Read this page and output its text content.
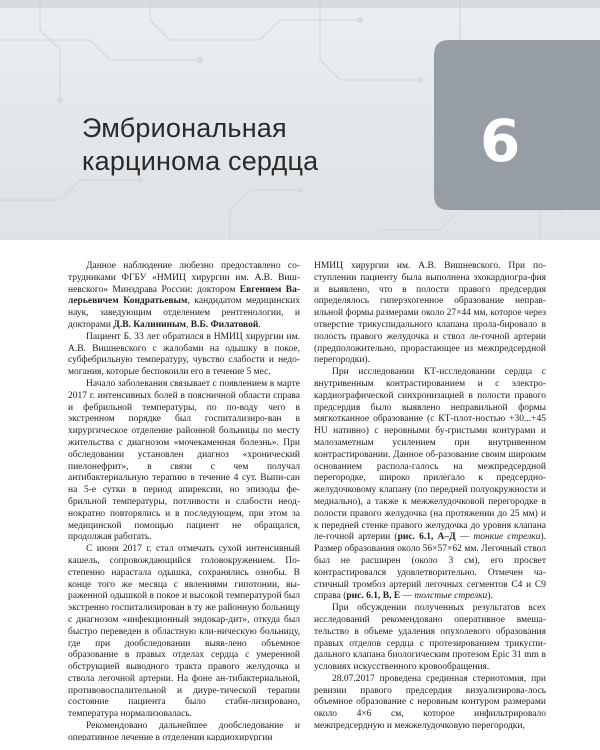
Эмбриональная
карцинома сердца	6

Данное наблюдение любезно предоставлено со-трудниками ФГБУ «НМИЦ хирургии им. А.В. Виш-невского» Минздрава России: доктором Евгением Ва-лерьевичем Кондратьевым, кандидатом медицинских наук, заведующим отделением рентгенологии, и докторами Д.В. Калининым, В.Б. Филатовой.

Пациент Б. 33 лет обратился в НМИЦ хирургии им. А.В. Вишневского с жалобами на одышку в покое, субфебрильную температуру, чувство слабости и недо-могания, которые беспокоили его в течение 5 мес.

Начало заболевания связывает с появлением в марте 2017 г. интенсивных болей в поясничной области справа и фебрильной температуры, по по-воду чего в экстренном порядке был госпитализиро-ван в хирургическое отделение районной больницы по месту жительства с диагнозом «мочекаменная болезнь». При обследовании установлен диагноз «хронический пиелонефрит», в связи с чем получал антибактериальную терапию в течение 4 сут. Выпи-сан на 5-е сутки в период апирексии, но эпизоды фе-брильной температуры, потливости и слабости неод-нократно повторялись и в последующем, при этом за медицинской помощью пациент не обращался, продолжая работать.

С июня 2017 г. стал отмечать сухой интенсивный кашель, сопровождающийся головокружением. По-степенно нарастала одышка, сохранялись ознобы. В конце того же месяца с явлениями гипотонии, вы-раженной одышкой в покое и высокой температурой был экстренно госпитализирован в ту же районную больницу с диагнозом «инфекционный эндокар-дит», откуда был быстро переведен в областную кли-ническую больницу, где при дообследовании выяв-лено объемное образование в правых отделах сердца с умеренной обструкцией выводного тракта правого желудочка и ствола легочной артерии. На фоне ан-тибактериальной, противовоспалительной и диуре-тической терапии состояние пациента было стаби-лизировано, температура нормализовалась.

Рекомендовано дальнейшее дообследование и оперативное лечение в отделении кардиохирургии

НМИЦ хирургии им. А.В. Вишневского. При по-ступлении пациенту была выполнена эхокардиогра-фия и выявлено, что в полости правого предсердия определялось гиперэхогенное образование неправ-ильной формы размерами около 27×44 мм, которое через отверстие трикуспидального клапана прола-бировало в полость правого желудочка и ствол ле-гочной артерии (предположительно, прорастающее из межпредсердной перегородки).

При исследовании КТ-исследовании сердца с внутривенным контрастированием и с электро-кардиографической синхронизацией в полости правого предсердия было выявлено неправильной формы мягкотканное образование (с КТ-плот-ностью +30...+45 HU нативно) с неровными бу-гристыми контурами и малозаметным усилением при внутривенном контрастировании. Данное об-разование своим широким основанием распола-галось на межпредсердной перегородке, широко прилегало к предсердно-желудочковому клапану (по передней полуокружности и медиально), а также к межжелудочковой перегородке в полости правого желудочка (на протяжении до 25 мм) и к передней стенке правого желудочка до уровня клапана ле-гочной артерии (рис. 6.1, А–Д — тонкие стрелки). Размер образования около 56×57×62 мм. Легочный ствол был не расширен (около 3 см), его просвет контрастировался удовлетворительно. Отмечен ча-стичный тромбоз артерий легочных сегментов С4 и С9 справа (рис. 6.1, В, Е — толстые стрелки).

При обсуждении полученных результатов всех исследований рекомендовано оперативное вмеша-тельство в объеме удаления опухолевого образования правых отделов сердца с протезированием трикуспи-дального клапана биологическим протезом Epic 31 mm в условиях искусственного кровообращения.

28.07.2017 проведена срединная стернотомия, при ревизии правого предсердия визуализирова-лось объемное образование с неровным контуром размерами около 4×6 см, которое инфильтрировало межпредсердную и межжелудочковую перегородки,
